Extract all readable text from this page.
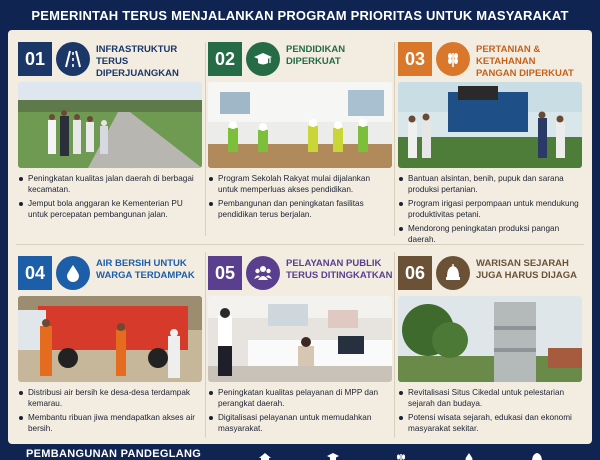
PEMERINTAH TERUS MENJALANKAN PROGRAM PRIORITAS UNTUK MASYARAKAT
01	INFRASTRUKTUR
TERUS DIPERJUANGKAN
Peningkatan kualitas jalan daerah di berbagai kecamatan.
Jemput bola anggaran ke Kementerian PU untuk percepatan pembangunan jalan.
02	PENDIDIKAN
DIPERKUAT
Program Sekolah Rakyat mulai dijalankan untuk memperluas akses pendidikan.
Pembangunan dan peningkatan fasilitas pendidikan terus berjalan.
03	PERTANIAN & KETAHANAN
PANGAN DIPERKUAT
Bantuan alsintan, benih, pupuk dan sarana produksi pertanian.
Program irigasi perpompaan untuk mendukung produktivitas petani.
Mendorong peningkatan produksi pangan daerah.
04	AIR BERSIH UNTUK
WARGA TERDAMPAK
Distribusi air bersih ke desa-desa terdampak kemarau.
Membantu ribuan jiwa mendapatkan akses air bersih.
05	PELAYANAN PUBLIK
TERUS DITINGKATKAN
Peningkatan kualitas pelayanan di MPP dan perangkat daerah.
Digitalisasi pelayanan untuk memudahkan masyarakat.
06	WARISAN SEJARAH
JUGA HARUS DIJAGA
Revitalisasi Situs Cikedal untuk pelestarian sejarah dan budaya.
Potensi wisata sejarah, edukasi dan ekonomi masyarakat sekitar.
PEMBANGUNAN PANDEGLANG
